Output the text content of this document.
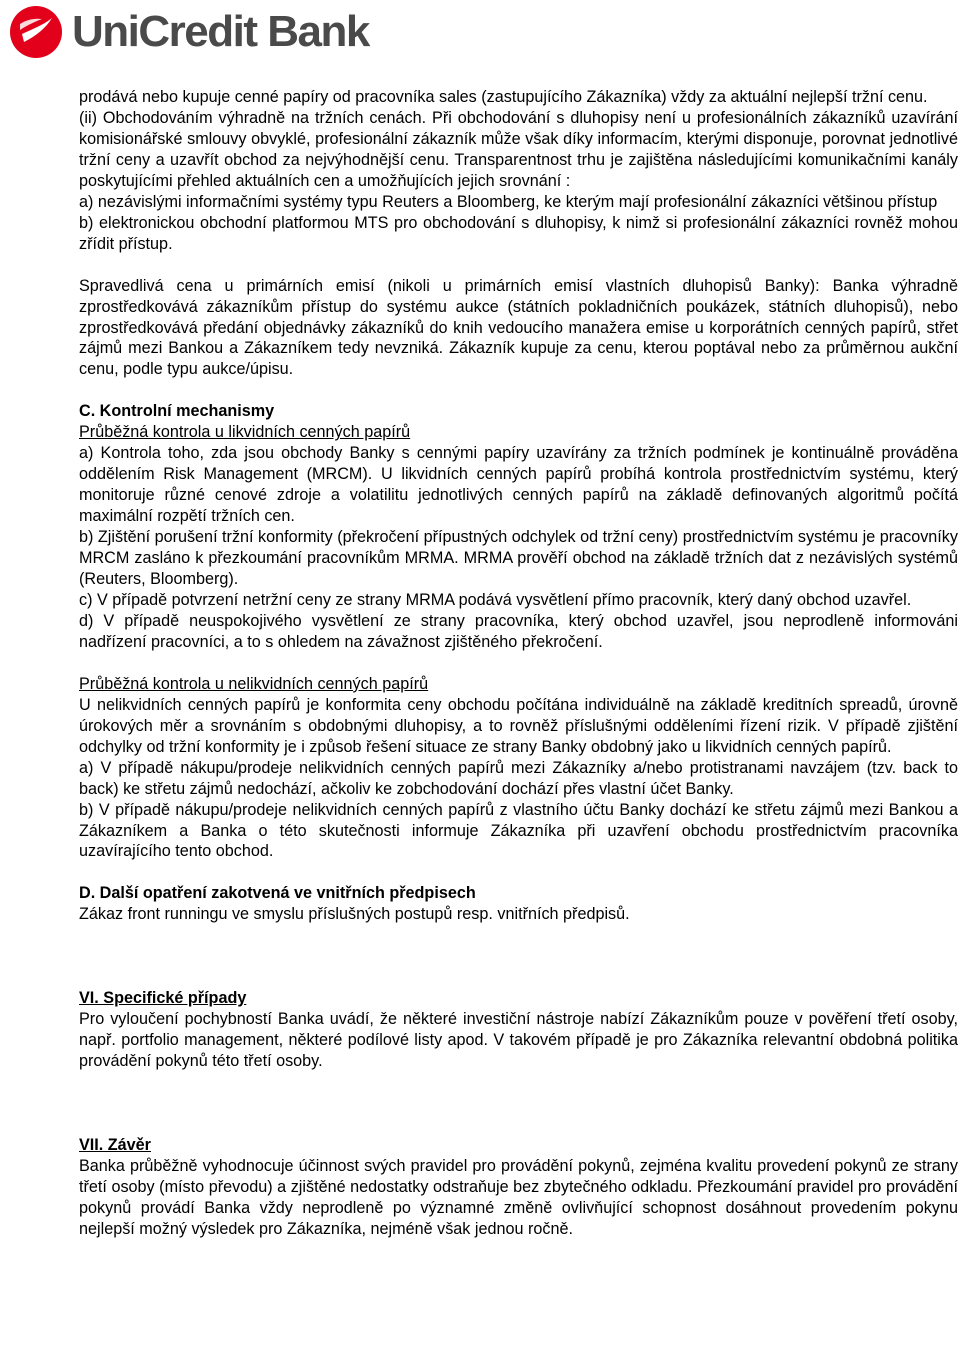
UniCredit Bank

prodává nebo kupuje cenné papíry od pracovníka sales (zastupujícího Zákazníka) vždy za aktuální nejlepší tržní cenu.

(ii) Obchodováním výhradně na tržních cenách. Při obchodování s dluhopisy není u profesionálních zákazníků uzavírání komisionářské smlouvy obvyklé, profesionální zákazník může však díky informacím, kterými disponuje, porovnat jednotlivé tržní ceny a uzavřít obchod za nejvýhodnější cenu. Transparentnost trhu je zajištěna následujícími komunikačními kanály poskytujícími přehled aktuálních cen a umožňujících jejich srovnání :

a) nezávislými informačními systémy typu Reuters a Bloomberg, ke kterým mají profesionální zákazníci většinou přístup

b) elektronickou obchodní platformou MTS pro obchodování s dluhopisy, k nimž si profesionální zákazníci rovněž mohou zřídit přístup.

Spravedlivá cena u primárních emisí (nikoli u primárních emisí vlastních dluhopisů Banky): Banka výhradně zprostředkovává zákazníkům přístup do systému aukce (státních pokladničních poukázek, státních dluhopisů), nebo zprostředkovává předání objednávky zákazníků do knih vedoucího manažera emise u korporátních cenných papírů, střet zájmů mezi Bankou a Zákazníkem tedy nevzniká. Zákazník kupuje za cenu, kterou poptával nebo za průměrnou aukční cenu, podle typu aukce/úpisu.

C. Kontrolní mechanismy

Průběžná kontrola u likvidních cenných papírů

a) Kontrola toho, zda jsou obchody Banky s cennými papíry uzavírány za tržních podmínek je kontinuálně prováděna oddělením Risk Management (MRCM). U likvidních cenných papírů probíhá kontrola prostřednictvím systému, který monitoruje různé cenové zdroje a volatilitu jednotlivých cenných papírů na základě definovaných algoritmů počítá maximální rozpětí tržních cen.

b) Zjištění porušení tržní konformity (překročení přípustných odchylek od tržní ceny) prostřednictvím systému je pracovníky MRCM zasláno k přezkoumání pracovníkům MRMA. MRMA prověří obchod na základě tržních dat z nezávislých systémů (Reuters, Bloomberg).

c) V případě potvrzení netržní ceny ze strany MRMA podává vysvětlení přímo pracovník, který daný obchod uzavřel.

d) V případě neuspokojivého vysvětlení ze strany pracovníka, který obchod uzavřel, jsou neprodleně informováni nadřízení pracovníci, a to s ohledem na závažnost zjištěného překročení.

Průběžná kontrola u nelikvidních cenných papírů

U nelikvidních cenných papírů je konformita ceny obchodu počítána individuálně na základě kreditních spreadů, úrovně úrokových měr a srovnáním s obdobnými dluhopisy, a to rovněž příslušnými odděleními řízení rizik. V případě zjištění odchylky od tržní konformity je i způsob řešení situace ze strany Banky obdobný jako u likvidních cenných papírů.

a) V případě nákupu/prodeje nelikvidních cenných papírů mezi Zákazníky a/nebo protistranami navzájem (tzv. back to back) ke střetu zájmů nedochází, ačkoliv ke zobchodování dochází přes vlastní účet Banky.

b) V případě nákupu/prodeje nelikvidních cenných papírů z vlastního účtu Banky dochází ke střetu zájmů mezi Bankou a Zákazníkem a Banka o této skutečnosti informuje Zákazníka při uzavření obchodu prostřednictvím pracovníka uzavírajícího tento obchod.

D. Další opatření zakotvená ve vnitřních předpisech

Zákaz front runningu ve smyslu příslušných postupů resp. vnitřních předpisů.

VI. Specifické případy

Pro vyloučení pochybností Banka uvádí, že některé investiční nástroje nabízí Zákazníkům pouze v pověření třetí osoby, např. portfolio management, některé podílové listy apod. V takovém případě je pro Zákazníka relevantní obdobná politika provádění pokynů této třetí osoby.

VII. Závěr

Banka průběžně vyhodnocuje účinnost svých pravidel pro provádění pokynů, zejména kvalitu provedení pokynů ze strany třetí osoby (místo převodu) a zjištěné nedostatky odstraňuje bez zbytečného odkladu. Přezkoumání pravidel pro provádění pokynů provádí Banka vždy neprodleně po významné změně ovlivňující schopnost dosáhnout provedením pokynu nejlepší možný výsledek pro Zákazníka, nejméně však jednou ročně.
